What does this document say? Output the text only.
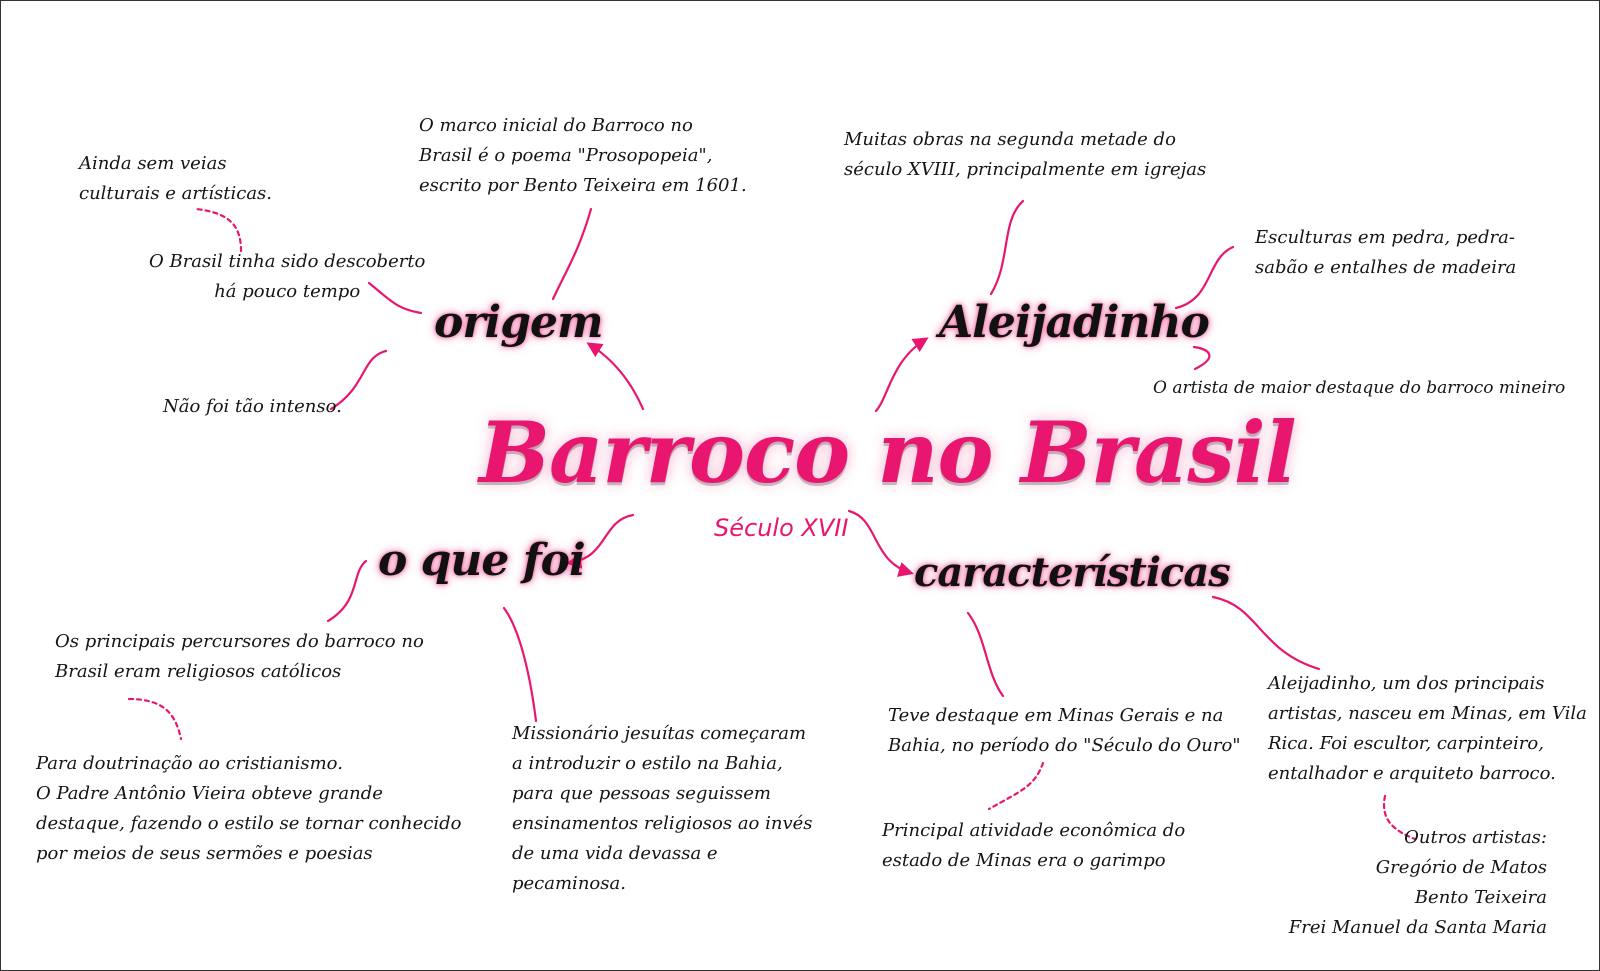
Barroco no Brasil
Século XVII
origem	Aleijadinho
o que foi	características

Ainda sem veias
culturais e artísticas.

O Brasil tinha sido descoberto
há pouco tempo

O marco inicial do Barroco no
Brasil é o poema "Prosopopeia",
escrito por Bento Teixeira em 1601.

Não foi tão intenso.

Muitas obras na segunda metade do
século XVIII, principalmente em igrejas

Esculturas em pedra, pedra-
sabão e entalhes de madeira

O artista de maior destaque do barroco mineiro

Os principais percursores do barroco no
Brasil eram religiosos católicos

Para doutrinação ao cristianismo.
O Padre Antônio Vieira obteve grande
destaque, fazendo o estilo se tornar conhecido
por meios de seus sermões e poesias

Missionário jesuítas começaram
a introduzir o estilo na Bahia,
para que pessoas seguissem
ensinamentos religiosos ao invés
de uma vida devassa e
pecaminosa.

Teve destaque em Minas Gerais e na
Bahia, no período do "Século do Ouro"

Principal atividade econômica do
estado de Minas era o garimpo

Aleijadinho, um dos principais
artistas, nasceu em Minas, em Vila
Rica. Foi escultor, carpinteiro,
entalhador e arquiteto barroco.

Outros artistas:
Gregório de Matos
Bento Teixeira
Frei Manuel da Santa Maria
